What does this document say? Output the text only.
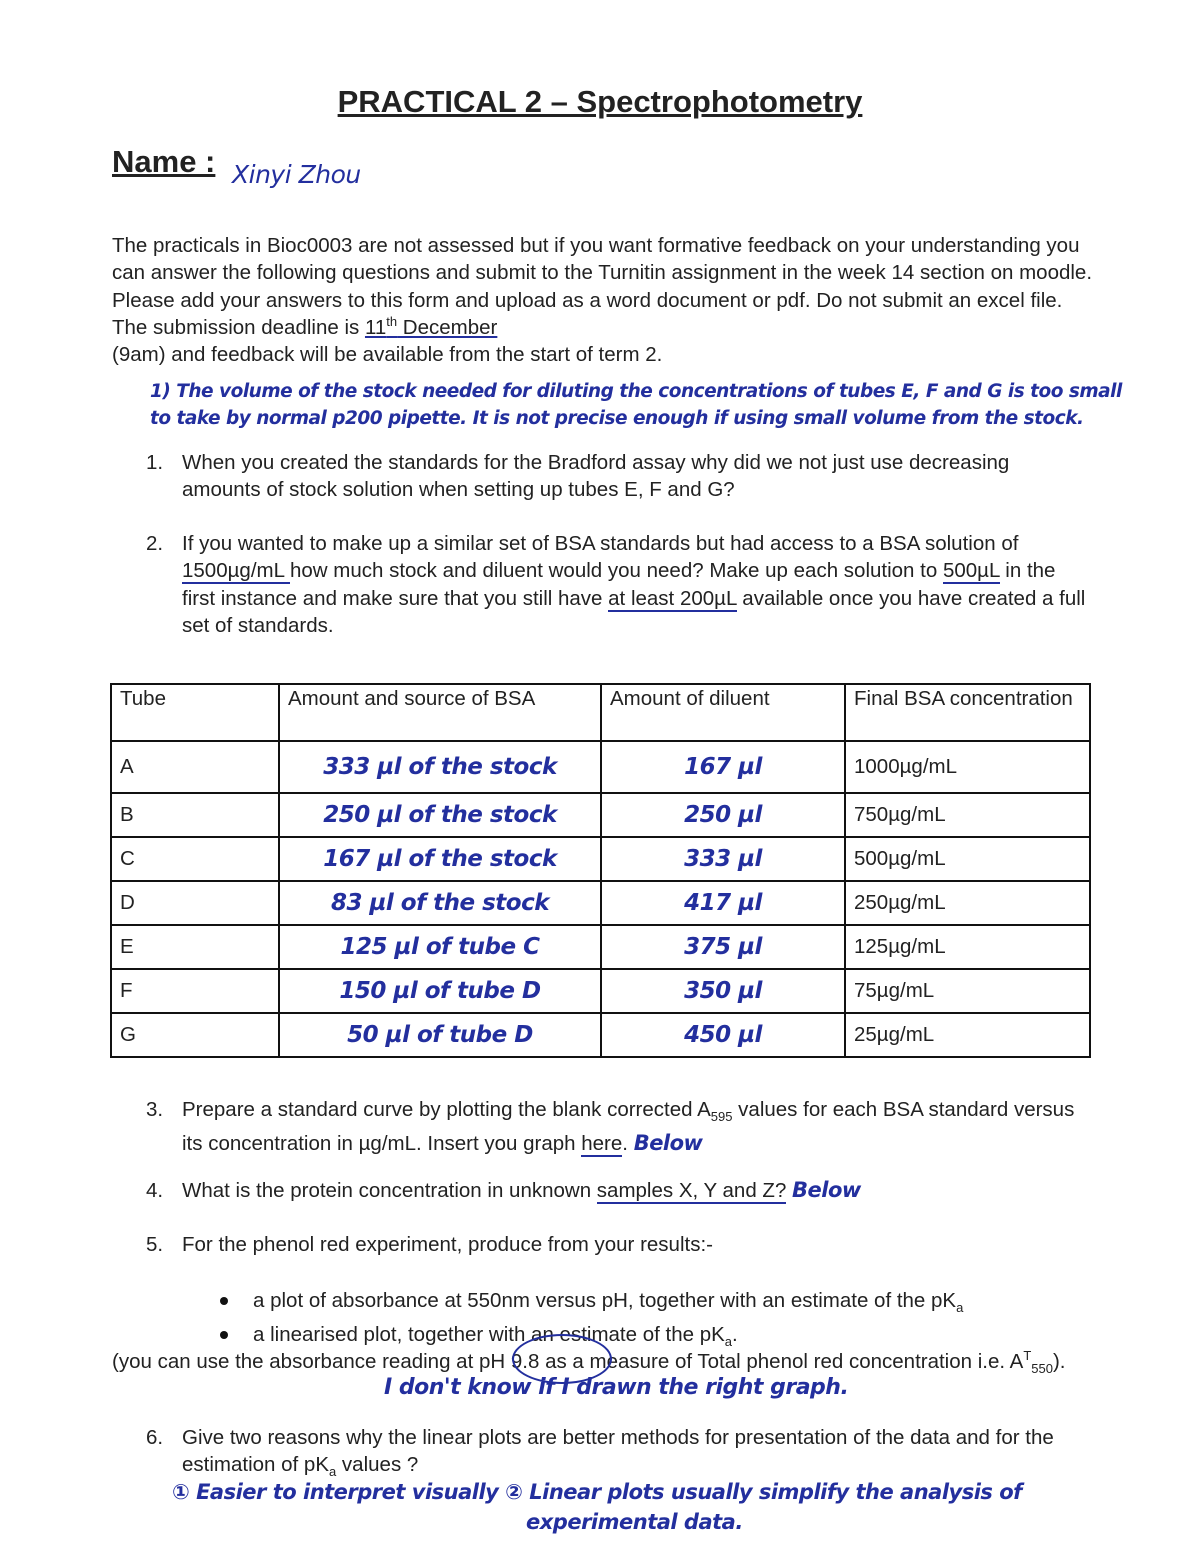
PRACTICAL 2 – Spectrophotometry
Name : Xinyi Zhou

The practicals in Bioc0003 are not assessed but if you want formative feedback on your understanding you can answer the following questions and submit to the Turnitin assignment in the week 14 section on moodle. Please add your answers to this form and upload as a word document or pdf. Do not submit an excel file. The submission deadline is 11th December
(9am) and feedback will be available from the start of term 2.

1) The volume of the stock needed for diluting the concentrations of tubes E, F and G is too small to take by normal p200 pipette. It is not precise enough if using small volume from the stock.
1. When you created the standards for the Bradford assay why did we not just use decreasing amounts of stock solution when setting up tubes E, F and G?
2. If you wanted to make up a similar set of BSA standards but had access to a BSA solution of 1500µg/mL how much stock and diluent would you need? Make up each solution to 500µL in the first instance and make sure that you still have at least 200µL available once you have created a full set of standards.
Tube	Amount and source of BSA	Amount of diluent	Final BSA concentration
A	333 µl of the stock	167 µl	1000µg/mL
B	250 µl of the stock	250 µl	750µg/mL
C	167 µl of the stock	333 µl	500µg/mL
D	83 µl of the stock	417 µl	250µg/mL
E	125 µl of tube C	375 µl	125µg/mL
F	150 µl of tube D	350 µl	75µg/mL
G	50 µl of tube D	450 µl	25µg/mL
3. Prepare a standard curve by plotting the blank corrected $A_{595}$ values for each BSA standard versus its concentration in µg/mL. Insert you graph here. Below
4. What is the protein concentration in unknown samples X, Y and Z? Below
5. For the phenol red experiment, produce from your results:-
a plot of absorbance at 550nm versus pH, together with an estimate of the $pK_a$
a linearised plot, together with an estimate of the $pK_a$.

(you can use the absorbance reading at pH 9.8 as a measure of Total phenol red concentration i.e. $A^T_{550}$).

I don't know if I drawn the right graph.
6. Give two reasons why the linear plots are better methods for presentation of the data and for the estimation of $pK_a$ values ?
① Easier to interpret visually ② Linear plots usually simplify the analysis of
experimental data.
